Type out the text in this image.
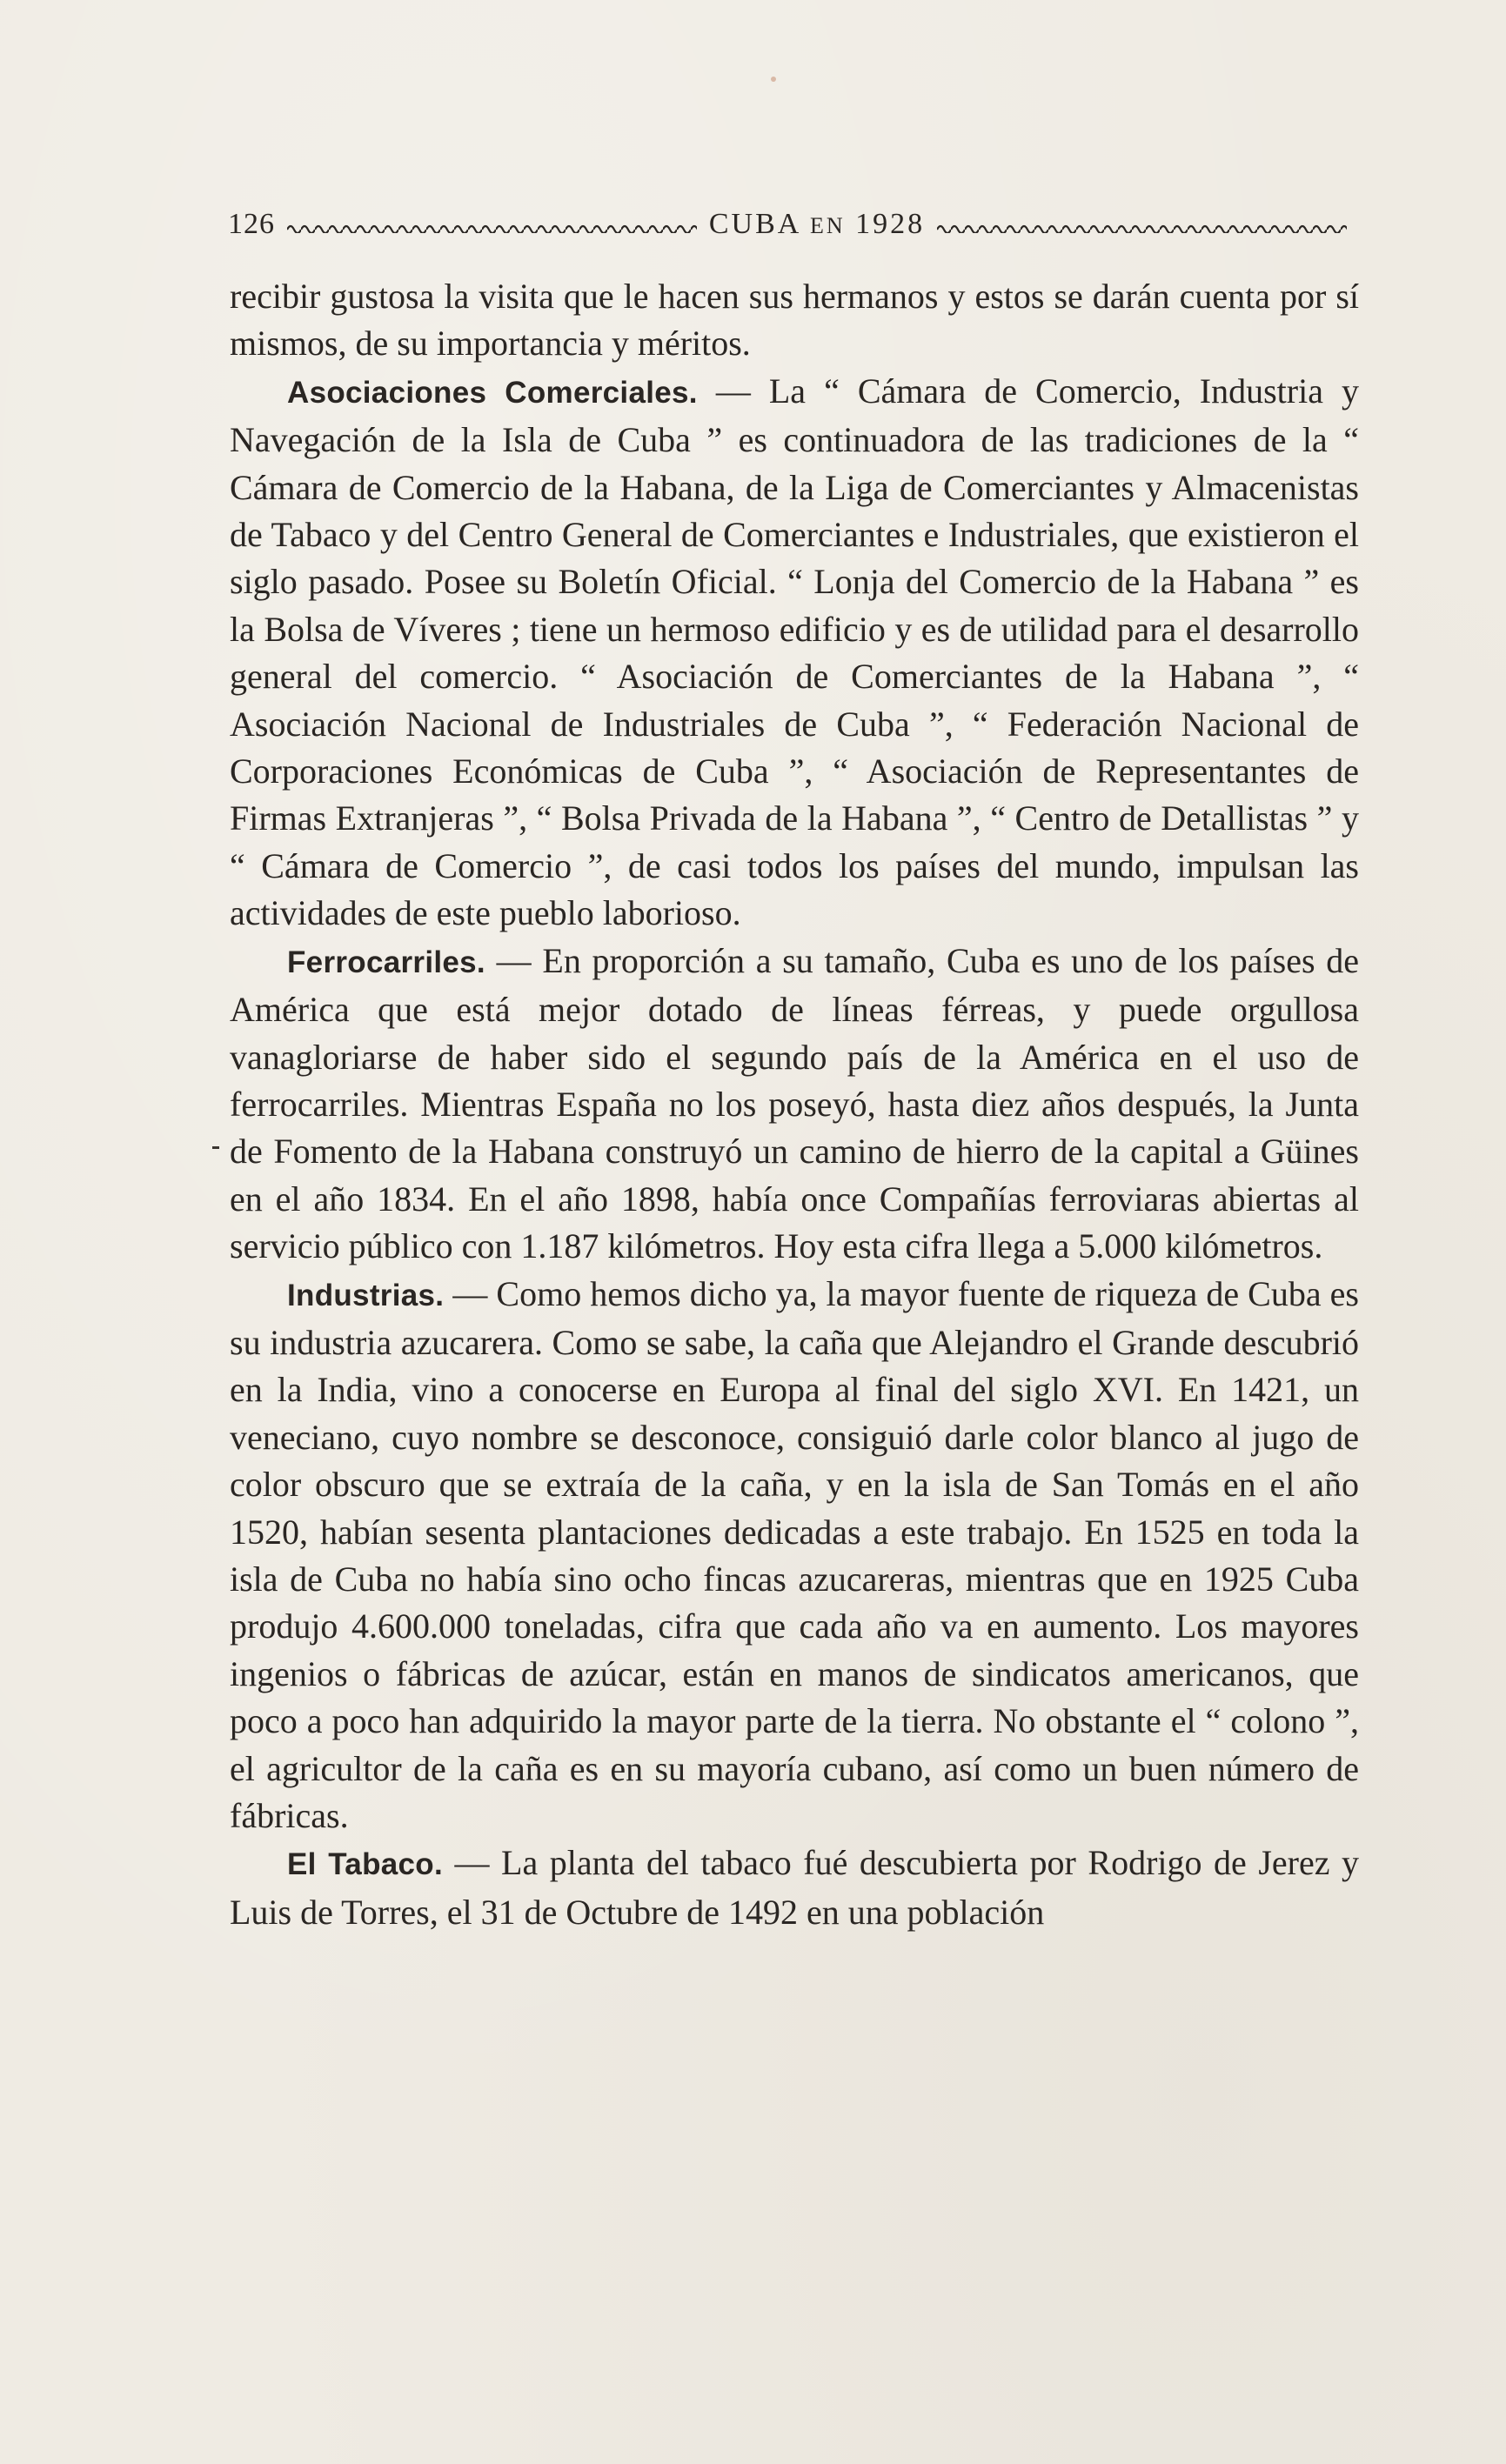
126	CUBA EN 1928

recibir gustosa la visita que le hacen sus hermanos y estos se darán cuenta por sí mismos, de su importancia y méritos.

Asociaciones Comerciales. — La “ Cámara de Comercio, Industria y Navegación de la Isla de Cuba ” es continuadora de las tradiciones de la “ Cámara de Comercio de la Habana, de la Liga de Comerciantes y Almacenistas de Tabaco y del Centro General de Comerciantes e Industriales, que existieron el siglo pasado. Posee su Boletín Oficial. “ Lonja del Comercio de la Habana ” es la Bolsa de Víveres ; tiene un hermoso edificio y es de utilidad para el desarrollo general del comercio. “ Asociación de Comerciantes de la Habana ”, “ Asociación Nacional de Industriales de Cuba ”, “ Federación Nacional de Corporaciones Económicas de Cuba ”, “ Asociación de Representantes de Firmas Extranjeras ”, “ Bolsa Privada de la Habana ”, “ Centro de Detallistas ” y “ Cámara de Comercio ”, de casi todos los países del mundo, impulsan las actividades de este pueblo laborioso.

Ferrocarriles. — En proporción a su tamaño, Cuba es uno de los países de América que está mejor dotado de líneas férreas, y puede orgullosa vanagloriarse de haber sido el segundo país de la América en el uso de ferrocarriles. Mientras España no los poseyó, hasta diez años después, la Junta de Fomento de la Habana construyó un camino de hierro de la capital a Güines en el año 1834. En el año 1898, había once Compañías ferroviaras abiertas al servicio público con 1.187 kilómetros. Hoy esta cifra llega a 5.000 kilómetros.

Industrias. — Como hemos dicho ya, la mayor fuente de riqueza de Cuba es su industria azucarera. Como se sabe, la caña que Alejandro el Grande descubrió en la India, vino a conocerse en Europa al final del siglo XVI. En 1421, un veneciano, cuyo nombre se desconoce, consiguió darle color blanco al jugo de color obscuro que se extraía de la caña, y en la isla de San Tomás en el año 1520, habían sesenta plantaciones dedicadas a este trabajo. En 1525 en toda la isla de Cuba no había sino ocho fincas azucareras, mientras que en 1925 Cuba produjo 4.600.000 toneladas, cifra que cada año va en aumento. Los mayores ingenios o fábricas de azúcar, están en manos de sindicatos americanos, que poco a poco han adquirido la mayor parte de la tierra. No obstante el “ colono ”, el agricultor de la caña es en su mayoría cubano, así como un buen número de fábricas.

El Tabaco. — La planta del tabaco fué descubierta por Rodrigo de Jerez y Luis de Torres, el 31 de Octubre de 1492 en una población
